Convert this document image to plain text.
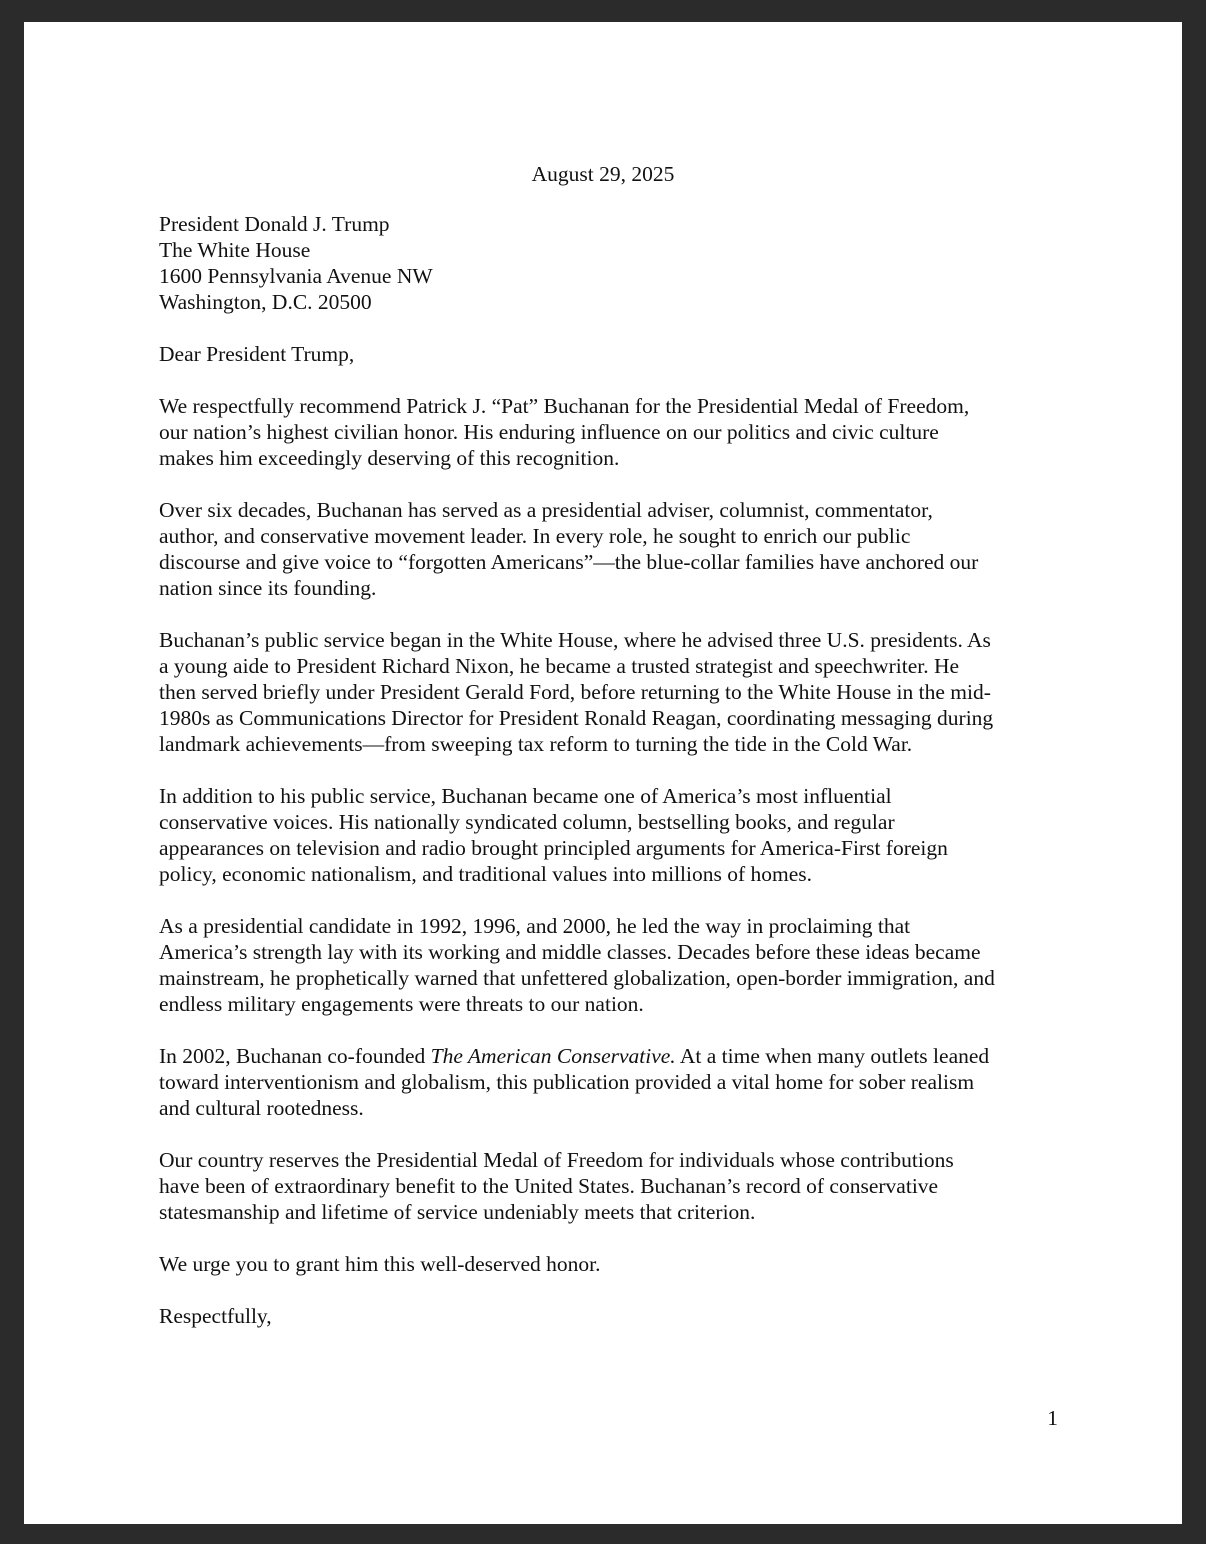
August 29, 2025
President Donald J. Trump
The White House
1600 Pennsylvania Avenue NW
Washington, D.C. 20500
Dear President Trump,
We respectfully recommend Patrick J. “Pat” Buchanan for the Presidential Medal of Freedom,
our nation’s highest civilian honor. His enduring influence on our politics and civic culture
makes him exceedingly deserving of this recognition.
Over six decades, Buchanan has served as a presidential adviser, columnist, commentator,
author, and conservative movement leader. In every role, he sought to enrich our public
discourse and give voice to “forgotten Americans”—the blue-collar families have anchored our
nation since its founding.
Buchanan’s public service began in the White House, where he advised three U.S. presidents. As
a young aide to President Richard Nixon, he became a trusted strategist and speechwriter. He
then served briefly under President Gerald Ford, before returning to the White House in the mid-
1980s as Communications Director for President Ronald Reagan, coordinating messaging during
landmark achievements—from sweeping tax reform to turning the tide in the Cold War.
In addition to his public service, Buchanan became one of America’s most influential
conservative voices. His nationally syndicated column, bestselling books, and regular
appearances on television and radio brought principled arguments for America-First foreign
policy, economic nationalism, and traditional values into millions of homes.
As a presidential candidate in 1992, 1996, and 2000, he led the way in proclaiming that
America’s strength lay with its working and middle classes. Decades before these ideas became
mainstream, he prophetically warned that unfettered globalization, open-border immigration, and
endless military engagements were threats to our nation.
In 2002, Buchanan co-founded The American Conservative. At a time when many outlets leaned
toward interventionism and globalism, this publication provided a vital home for sober realism
and cultural rootedness.
Our country reserves the Presidential Medal of Freedom for individuals whose contributions
have been of extraordinary benefit to the United States. Buchanan’s record of conservative
statesmanship and lifetime of service undeniably meets that criterion.
We urge you to grant him this well-deserved honor.
Respectfully,
1
